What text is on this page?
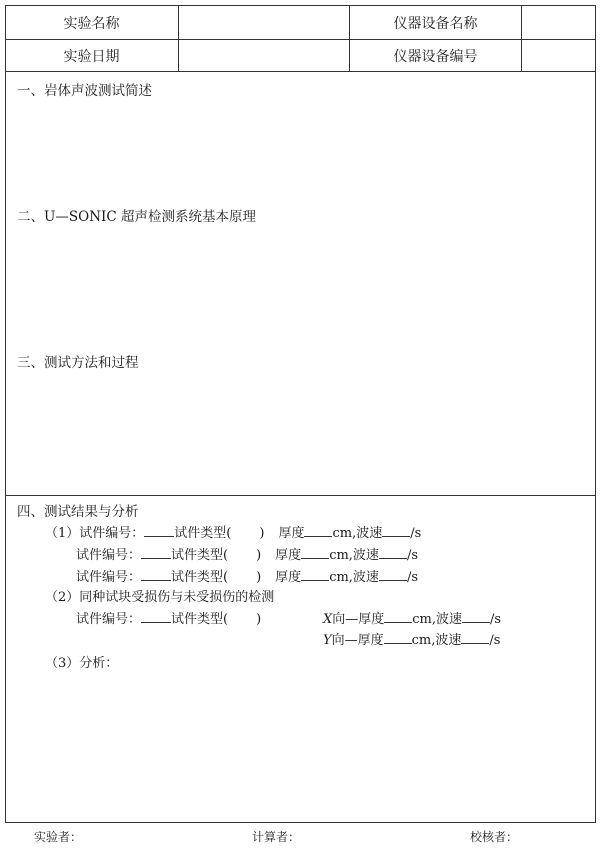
实验名称	仪器设备名称
实验日期	仪器设备编号
一、岩体声波测试简述
二、U—SONIC 超声检测系统基本原理
三、测试方法和过程
四、测试结果与分析
（1）试件编号： 试件类型( ) 厚度 cm,波速 /s
试件编号： 试件类型( ) 厚度 cm,波速 /s
试件编号： 试件类型( ) 厚度 cm,波速 /s
（2）同种试块受损伤与未受损伤的检测
试件编号： 试件类型( )	X向—厚度 cm,波速 /s
Y向—厚度 cm,波速 /s
（3）分析：
实验者：	计算者：	校核者：
